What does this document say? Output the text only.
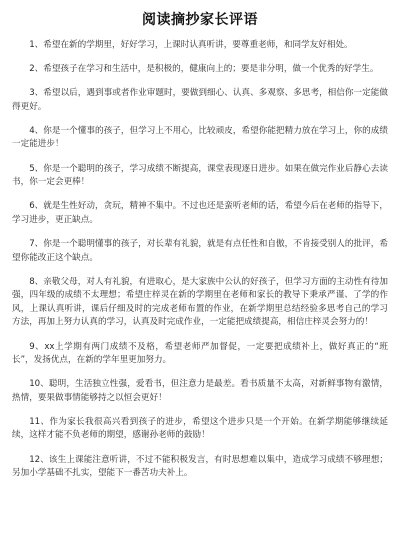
阅读摘抄家长评语
1、希望在新的学期里，好好学习，上课时认真听讲，要尊重老师，和同学友好相处。
2、希望孩子在学习和生活中，是积极的，健康向上的；要是非分明，做一个优秀的好学生。
3、希望以后，遇到事或者作业审题时，要做到细心、认真、多观察、多思考，相信你一定能做得更好。
4、你是一个懂事的孩子，但学习上不用心，比较顽皮，希望你能把精力放在学习上，你的成绩一定能进步！
5、你是一个聪明的孩子，学习成绩不断提高，课堂表现逐日进步。如果在做完作业后静心去读书，你一定会更棒！
6、就是生性好动，贪玩，精神不集中。不过也还是蛮听老师的话，希望今后在老师的指导下，学习进步，更正缺点。
7、你是一个聪明懂事的孩子，对长辈有礼貌，就是有点任性和自傲，不肯接受别人的批评，希望你能改正这个缺点。
8、亲敬父母，对人有礼貌，有进取心，是大家族中公认的好孩子，但学习方面的主动性有待加强，四年级的成绩不太理想；希望庄梓灵在新的学期里在老师和家长的教导下秉承严谨、了学的作风，上课认真听讲，课后仔细及时的完成老师布置的作业，在新学期里总结经验多思考自己的学习方法，再加上努力认真的学习，认真及时完成作业，一定能把成绩提高，相信庄梓灵会努力的！
9、xx上学期有两门成绩不及格，希望老师严加督促，一定要把成绩补上，做好真正的“班长”，发扬优点，在新的学年里更加努力。
10、聪明，生活独立性强，爱看书，但注意力是最差。看书质量不太高，对新鲜事物有激情，热情，要果做事情能够持之以恒会更好！
11、作为家长我很高兴看到孩子的进步，希望这个进步只是一个开始。在新学期能够继续延续，这样才能不负老师的期望，感谢孙老师的鼓励！
12、该生上课能注意听讲，不过不能积极发言，有时思想难以集中，造成学习成绩不够理想；另加小学基础不扎实，望能下一番苦功夫补上。
